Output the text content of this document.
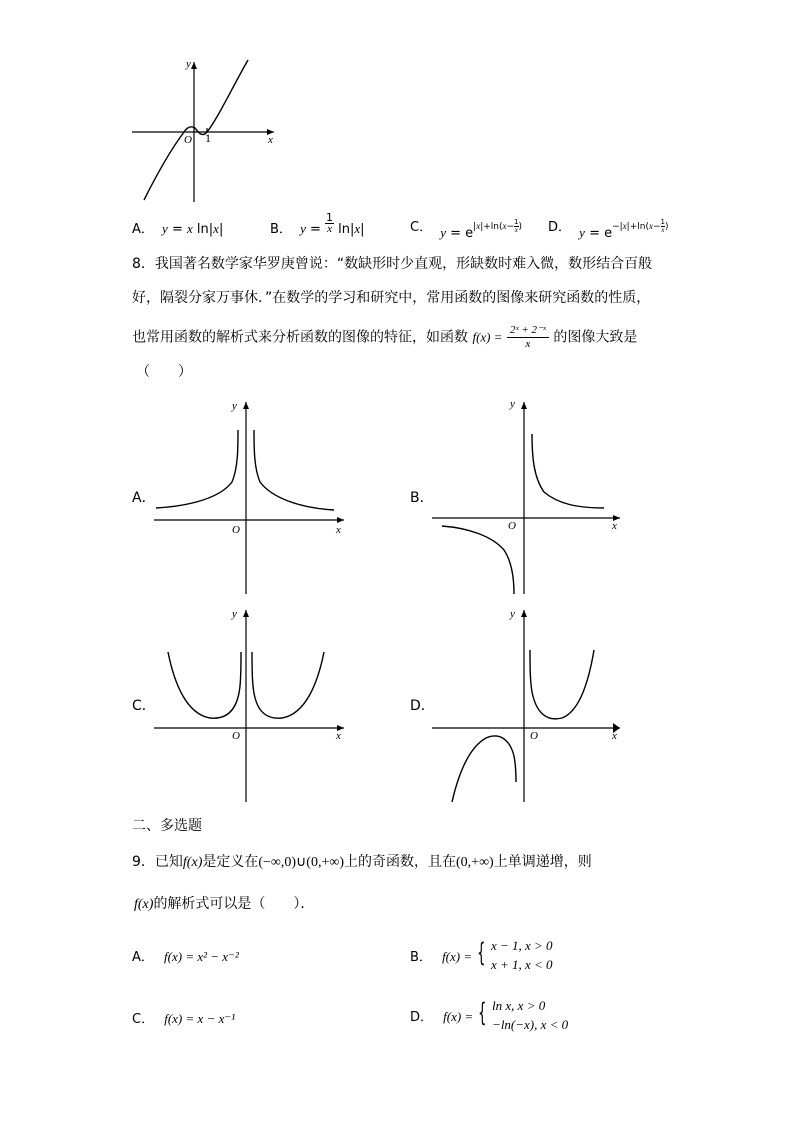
y
x
O 1
A． y = x ln|x|	B． $y = \frac{1}{x} \ln|x|$	C． $y = e|x|+\ln(x- \frac{1}{x}$ ) D． $y = e-|x|+\ln(x- \frac{1}{x}$ )
8．我国著名数学家华罗庚曾说：“数缺形时少直观，形缺数时难入微，数形结合百般
好，隔裂分家万事休．”在数学的学习和研究中，常用函数的图像来研究函数的性质，
也常用函数的解析式来分析函数的图像的特征，如函数 $f(x) = \frac{\text{2ˣ + 2⁻ˣ}}{x}$ 的图像大致是
（　　）
A．
y
x
O
B．
y
x
O
C．
y
x
O
D．
y
x
O
二、多选题
9．已知f(x)是定义在(−∞,0)∪(0,+∞)上的奇函数，且在(0,+∞)上单调递增，则
f(x)的解析式可以是（　　）．
A． f(x) = x² − x⁻²	B． f(x) = { x − 1, x > 0
x + 1, x < 0
C． f(x) = x − x⁻¹	D． f(x) = { ln x, x > 0
−ln(−x), x < 0
